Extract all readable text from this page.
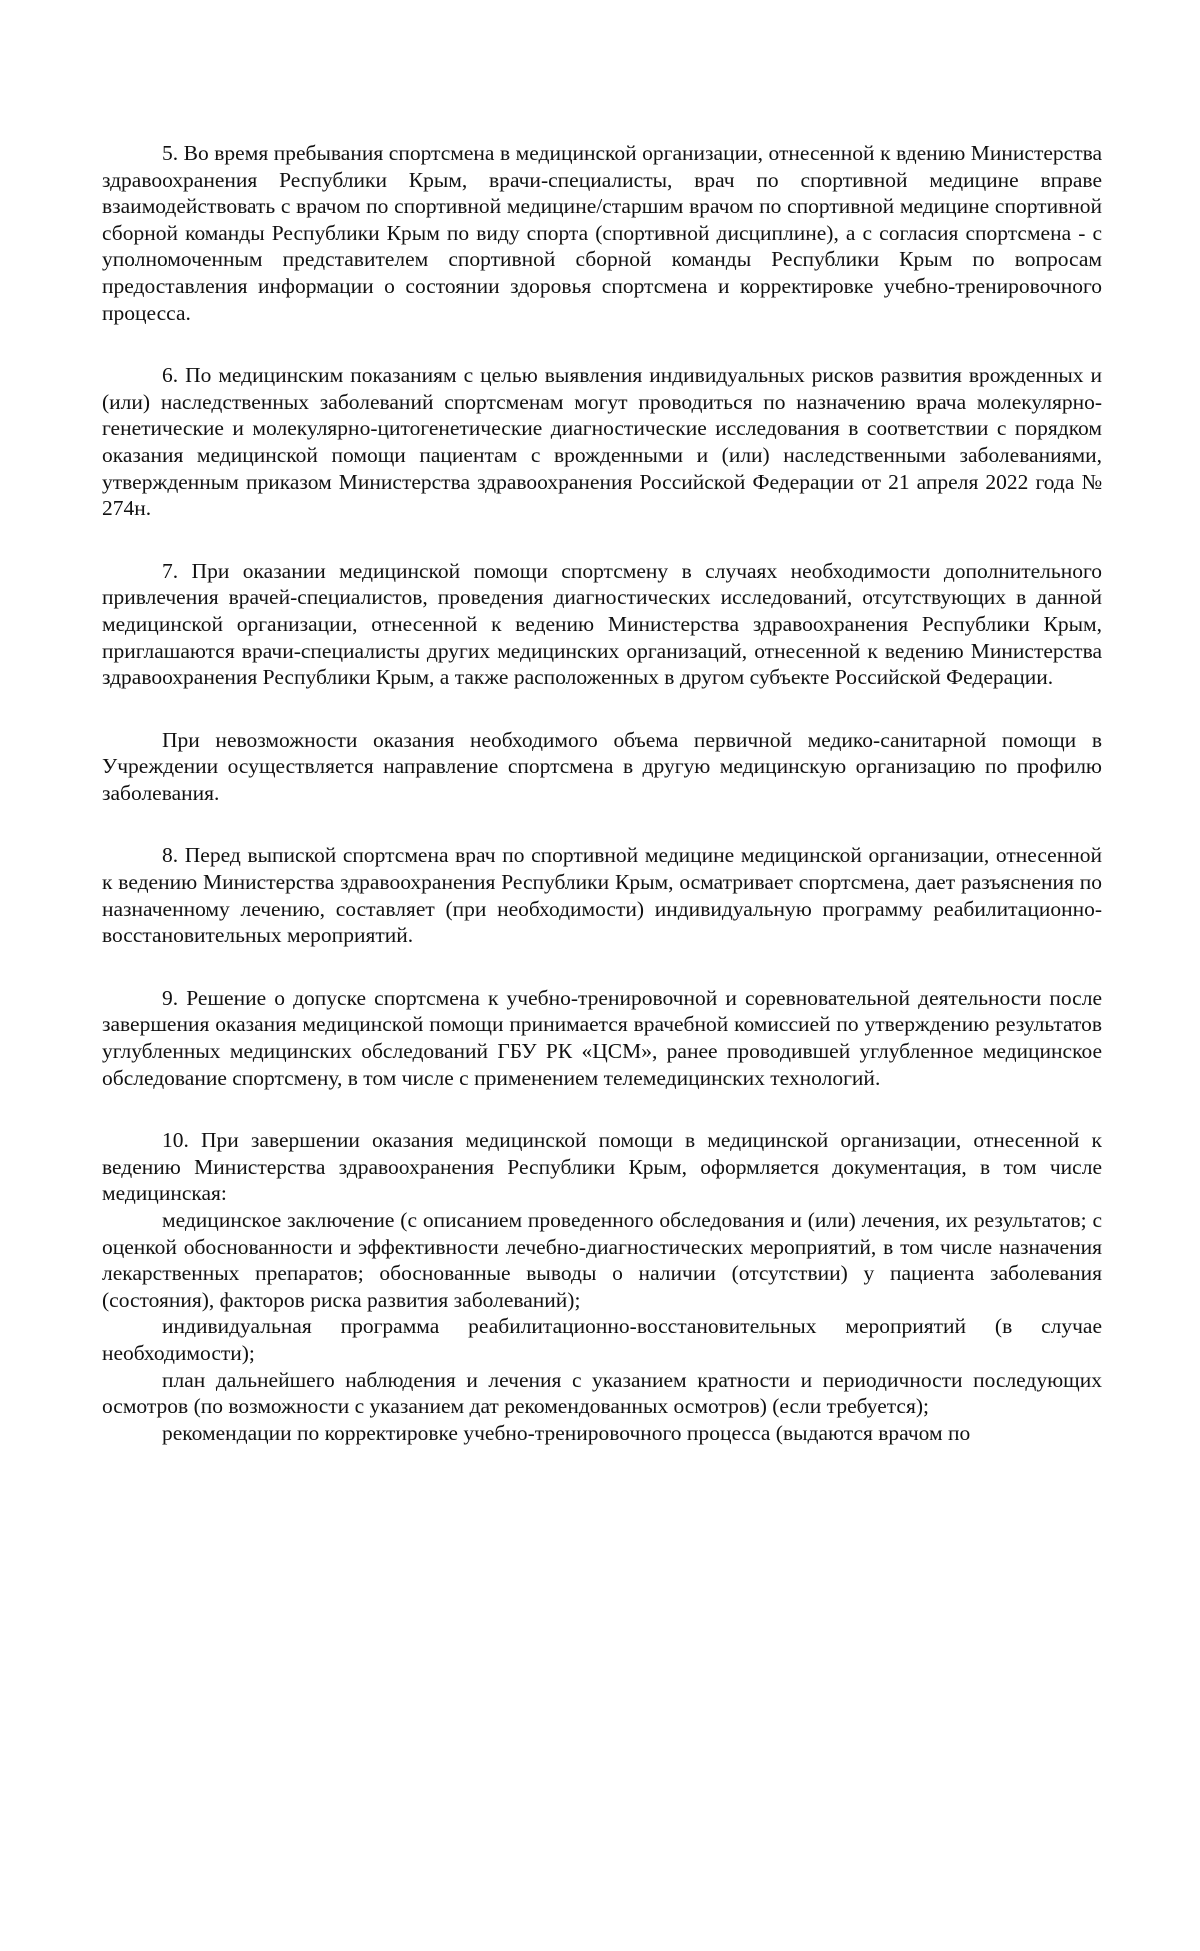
5. Во время пребывания спортсмена в медицинской организации, отнесенной к вдению Министерства здравоохранения Республики Крым, врачи-специалисты, врач по спортивной медицине вправе взаимодействовать с врачом по спортивной медицине/старшим врачом по спортивной медицине спортивной сборной команды Республики Крым по виду спорта (спортивной дисциплине), а с согласия спортсмена - с уполномоченным представителем спортивной сборной команды Республики Крым по вопросам предоставления информации о состоянии здоровья спортсмена и корректировке учебно-тренировочного процесса.

6. По медицинским показаниям с целью выявления индивидуальных рисков развития врожденных и (или) наследственных заболеваний спортсменам могут проводиться по назначению врача молекулярно-генетические и молекулярно-цитогенетические диагностические исследования в соответствии с порядком оказания медицинской помощи пациентам с врожденными и (или) наследственными заболеваниями, утвержденным приказом Министерства здравоохранения Российской Федерации от 21 апреля 2022 года № 274н.

7. При оказании медицинской помощи спортсмену в случаях необходимости дополнительного привлечения врачей-специалистов, проведения диагностических исследований, отсутствующих в данной медицинской организации, отнесенной к ведению Министерства здравоохранения Республики Крым, приглашаются врачи-специалисты других медицинских организаций, отнесенной к ведению Министерства здравоохранения Республики Крым, а также расположенных в другом субъекте Российской Федерации.

При невозможности оказания необходимого объема первичной медико-санитарной помощи в Учреждении осуществляется направление спортсмена в другую медицинскую организацию по профилю заболевания.

8. Перед выпиской спортсмена врач по спортивной медицине медицинской организации, отнесенной к ведению Министерства здравоохранения Республики Крым, осматривает спортсмена, дает разъяснения по назначенному лечению, составляет (при необходимости) индивидуальную программу реабилитационно-восстановительных мероприятий.

9. Решение о допуске спортсмена к учебно-тренировочной и соревновательной деятельности после завершения оказания медицинской помощи принимается врачебной комиссией по утверждению результатов углубленных медицинских обследований ГБУ РК «ЦСМ», ранее проводившей углубленное медицинское обследование спортсмену, в том числе с применением телемедицинских технологий.

10. При завершении оказания медицинской помощи в медицинской организации, отнесенной к ведению Министерства здравоохранения Республики Крым, оформляется документация, в том числе медицинская:

медицинское заключение (с описанием проведенного обследования и (или) лечения, их результатов; с оценкой обоснованности и эффективности лечебно-диагностических мероприятий, в том числе назначения лекарственных препаратов; обоснованные выводы о наличии (отсутствии) у пациента заболевания (состояния), факторов риска развития заболеваний);

индивидуальная программа реабилитационно-восстановительных мероприятий (в случае необходимости);

план дальнейшего наблюдения и лечения с указанием кратности и периодичности последующих осмотров (по возможности с указанием дат рекомендованных осмотров) (если требуется);

рекомендации по корректировке учебно-тренировочного процесса (выдаются врачом по
